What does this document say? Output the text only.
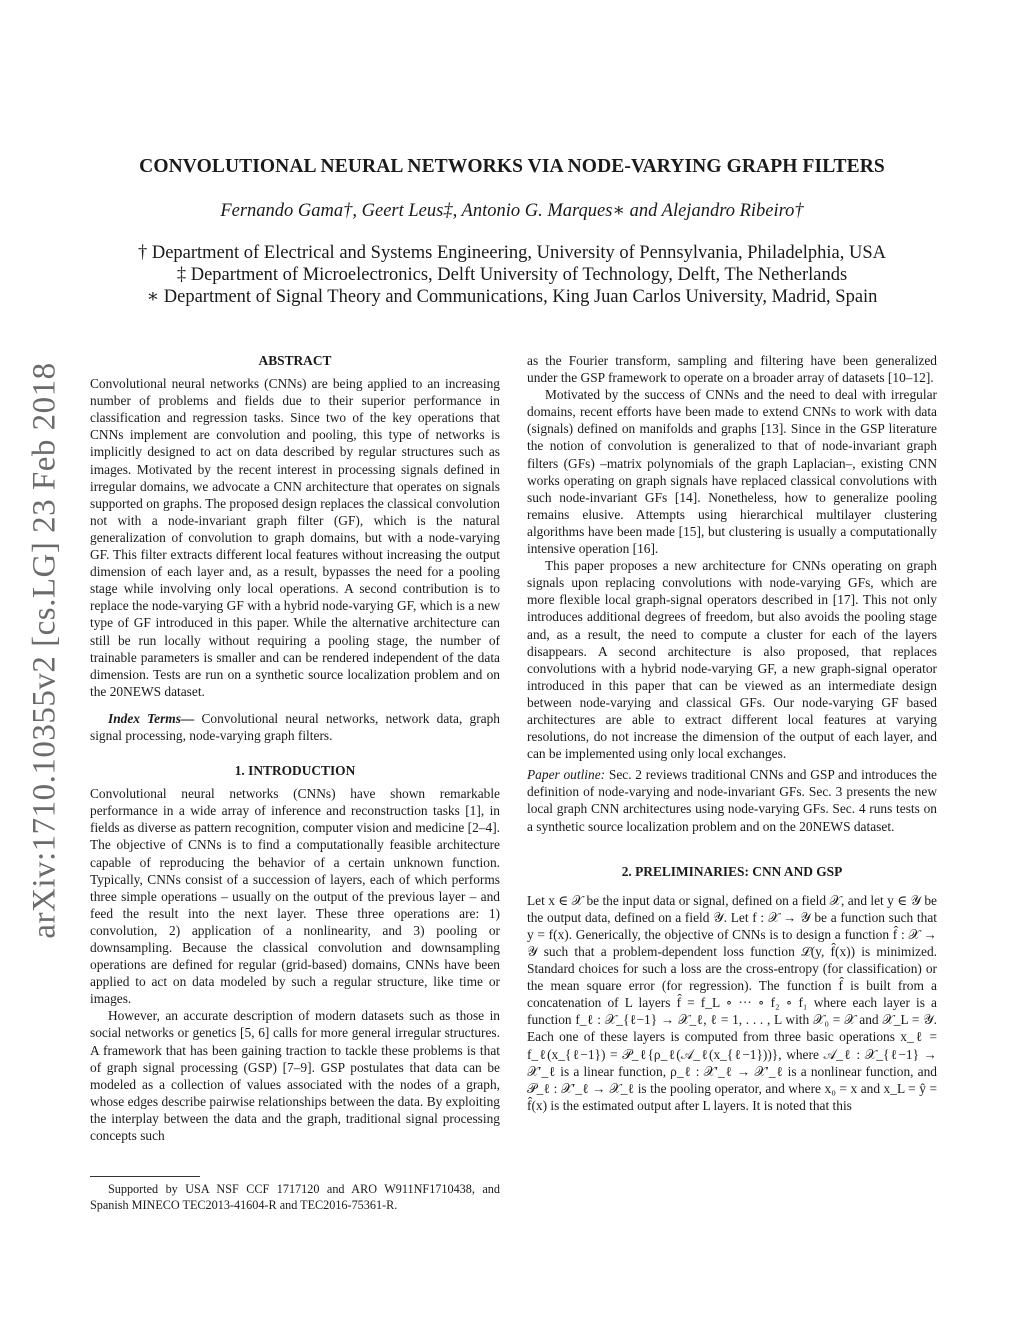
arXiv:1710.10355v2 [cs.LG] 23 Feb 2018
CONVOLUTIONAL NEURAL NETWORKS VIA NODE-VARYING GRAPH FILTERS
Fernando Gama†, Geert Leus‡, Antonio G. Marques∗ and Alejandro Ribeiro†
† Department of Electrical and Systems Engineering, University of Pennsylvania, Philadelphia, USA
‡ Department of Microelectronics, Delft University of Technology, Delft, The Netherlands
∗ Department of Signal Theory and Communications, King Juan Carlos University, Madrid, Spain
ABSTRACT

Convolutional neural networks (CNNs) are being applied to an increasing number of problems and fields due to their superior performance in classification and regression tasks. Since two of the key operations that CNNs implement are convolution and pooling, this type of networks is implicitly designed to act on data described by regular structures such as images. Motivated by the recent interest in processing signals defined in irregular domains, we advocate a CNN architecture that operates on signals supported on graphs. The proposed design replaces the classical convolution not with a node-invariant graph filter (GF), which is the natural generalization of convolution to graph domains, but with a node-varying GF. This filter extracts different local features without increasing the output dimension of each layer and, as a result, bypasses the need for a pooling stage while involving only local operations. A second contribution is to replace the node-varying GF with a hybrid node-varying GF, which is a new type of GF introduced in this paper. While the alternative architecture can still be run locally without requiring a pooling stage, the number of trainable parameters is smaller and can be rendered independent of the data dimension. Tests are run on a synthetic source localization problem and on the 20NEWS dataset.

Index Terms— Convolutional neural networks, network data, graph signal processing, node-varying graph filters.

1. INTRODUCTION

Convolutional neural networks (CNNs) have shown remarkable performance in a wide array of inference and reconstruction tasks [1], in fields as diverse as pattern recognition, computer vision and medicine [2–4]. The objective of CNNs is to find a computationally feasible architecture capable of reproducing the behavior of a certain unknown function. Typically, CNNs consist of a succession of layers, each of which performs three simple operations – usually on the output of the previous layer – and feed the result into the next layer. These three operations are: 1) convolution, 2) application of a nonlinearity, and 3) pooling or downsampling. Because the classical convolution and downsampling operations are defined for regular (grid-based) domains, CNNs have been applied to act on data modeled by such a regular structure, like time or images.

However, an accurate description of modern datasets such as those in social networks or genetics [5, 6] calls for more general irregular structures. A framework that has been gaining traction to tackle these problems is that of graph signal processing (GSP) [7–9]. GSP postulates that data can be modeled as a collection of values associated with the nodes of a graph, whose edges describe pairwise relationships between the data. By exploiting the interplay between the data and the graph, traditional signal processing concepts such

as the Fourier transform, sampling and filtering have been generalized under the GSP framework to operate on a broader array of datasets [10–12].

Motivated by the success of CNNs and the need to deal with irregular domains, recent efforts have been made to extend CNNs to work with data (signals) defined on manifolds and graphs [13]. Since in the GSP literature the notion of convolution is generalized to that of node-invariant graph filters (GFs) –matrix polynomials of the graph Laplacian–, existing CNN works operating on graph signals have replaced classical convolutions with such node-invariant GFs [14]. Nonetheless, how to generalize pooling remains elusive. Attempts using hierarchical multilayer clustering algorithms have been made [15], but clustering is usually a computationally intensive operation [16].

This paper proposes a new architecture for CNNs operating on graph signals upon replacing convolutions with node-varying GFs, which are more flexible local graph-signal operators described in [17]. This not only introduces additional degrees of freedom, but also avoids the pooling stage and, as a result, the need to compute a cluster for each of the layers disappears. A second architecture is also proposed, that replaces convolutions with a hybrid node-varying GF, a new graph-signal operator introduced in this paper that can be viewed as an intermediate design between node-varying and classical GFs. Our node-varying GF based architectures are able to extract different local features at varying resolutions, do not increase the dimension of the output of each layer, and can be implemented using only local exchanges.

Paper outline: Sec. 2 reviews traditional CNNs and GSP and introduces the definition of node-varying and node-invariant GFs. Sec. 3 presents the new local graph CNN architectures using node-varying GFs. Sec. 4 runs tests on a synthetic source localization problem and on the 20NEWS dataset.

2. PRELIMINARIES: CNN AND GSP

Let x ∈ 𝒳 be the input data or signal, defined on a field 𝒳, and let y ∈ 𝒴 be the output data, defined on a field 𝒴. Let f : 𝒳 → 𝒴 be a function such that y = f(x). Generically, the objective of CNNs is to design a function f̂ : 𝒳 → 𝒴 such that a problem-dependent loss function ℒ(y, f̂(x)) is minimized. Standard choices for such a loss are the cross-entropy (for classification) or the mean square error (for regression). The function f̂ is built from a concatenation of L layers f̂ = f_L ∘ ··· ∘ f₂ ∘ f₁ where each layer is a function f_ℓ : 𝒳_{ℓ−1} → 𝒳_ℓ, ℓ = 1, . . . , L with 𝒳₀ = 𝒳 and 𝒳_L = 𝒴. Each one of these layers is computed from three basic operations x_ℓ = f_ℓ(x_{ℓ−1}) = 𝒫_ℓ{ρ_ℓ(𝒜_ℓ(x_{ℓ−1}))}, where 𝒜_ℓ : 𝒳_{ℓ−1} → 𝒳′_ℓ is a linear function, ρ_ℓ : 𝒳′_ℓ → 𝒳′_ℓ is a nonlinear function, and 𝒫_ℓ : 𝒳′_ℓ → 𝒳_ℓ is the pooling operator, and where x₀ = x and x_L = ŷ = f̂(x) is the estimated output after L layers. It is noted that this

Supported by USA NSF CCF 1717120 and ARO W911NF1710438, and Spanish MINECO TEC2013-41604-R and TEC2016-75361-R.
